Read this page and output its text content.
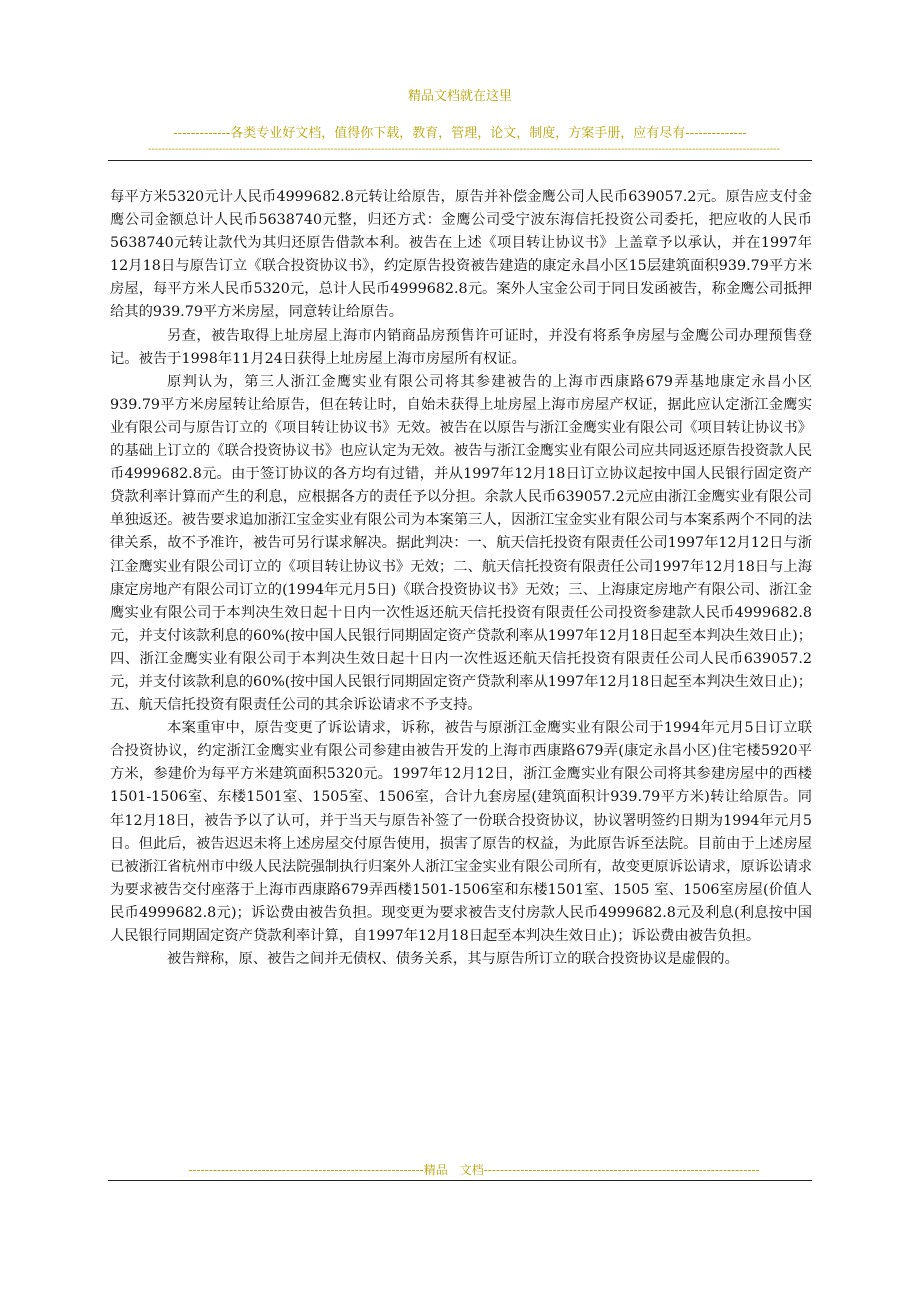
精品文档就在这里
-------------各类专业好文档，值得你下载，教育，管理，论文，制度，方案手册，应有尽有--------------
-------------------------------------------------------------------------------------------------------------------------------------------------------------------------------------------

每平方米5320元计人民币4999682.8元转让给原告，原告并补偿金鹰公司人民币639057.2元。原告应支付金鹰公司金额总计人民币5638740元整，归还方式：金鹰公司受宁波东海信托投资公司委托，把应收的人民币5638740元转让款代为其归还原告借款本利。被告在上述《项目转让协议书》上盖章予以承认，并在1997年12月18日与原告订立《联合投资协议书》，约定原告投资被告建造的康定永昌小区15层建筑面积939.79平方米房屋，每平方米人民币5320元，总计人民币4999682.8元。案外人宝金公司于同日发函被告，称金鹰公司抵押给其的939.79平方米房屋，同意转让给原告。

另查，被告取得上址房屋上海市内销商品房预售许可证时，并没有将系争房屋与金鹰公司办理预售登记。被告于1998年11月24日获得上址房屋上海市房屋所有权证。

原判认为，第三人浙江金鹰实业有限公司将其参建被告的上海市西康路679弄基地康定永昌小区939.79平方米房屋转让给原告，但在转让时，自始未获得上址房屋上海市房屋产权证，据此应认定浙江金鹰实业有限公司与原告订立的《项目转让协议书》无效。被告在以原告与浙江金鹰实业有限公司《项目转让协议书》的基础上订立的《联合投资协议书》也应认定为无效。被告与浙江金鹰实业有限公司应共同返还原告投资款人民币4999682.8元。由于签订协议的各方均有过错，并从1997年12月18日订立协议起按中国人民银行固定资产贷款利率计算而产生的利息，应根据各方的责任予以分担。余款人民币639057.2元应由浙江金鹰实业有限公司单独返还。被告要求追加浙江宝金实业有限公司为本案第三人，因浙江宝金实业有限公司与本案系两个不同的法律关系，故不予准许，被告可另行谋求解决。据此判决：一、航天信托投资有限责任公司1997年12月12日与浙江金鹰实业有限公司订立的《项目转让协议书》无效；二、航天信托投资有限责任公司1997年12月18日与上海康定房地产有限公司订立的(1994年元月5日)《联合投资协议书》无效；三、上海康定房地产有限公司、浙江金鹰实业有限公司于本判决生效日起十日内一次性返还航天信托投资有限责任公司投资参建款人民币4999682.8元，并支付该款利息的60%(按中国人民银行同期固定资产贷款利率从1997年12月18日起至本判决生效日止)；四、浙江金鹰实业有限公司于本判决生效日起十日内一次性返还航天信托投资有限责任公司人民币639057.2元，并支付该款利息的60%(按中国人民银行同期固定资产贷款利率从1997年12月18日起至本判决生效日止)；五、航天信托投资有限责任公司的其余诉讼请求不予支持。

本案重审中，原告变更了诉讼请求，诉称，被告与原浙江金鹰实业有限公司于1994年元月5日订立联合投资协议，约定浙江金鹰实业有限公司参建由被告开发的上海市西康路679弄(康定永昌小区)住宅楼5920平方米，参建价为每平方米建筑面积5320元。1997年12月12日，浙江金鹰实业有限公司将其参建房屋中的西楼1501-1506室、东楼1501室、1505室、1506室，合计九套房屋(建筑面积计939.79平方米)转让给原告。同年12月18日，被告予以了认可，并于当天与原告补签了一份联合投资协议，协议署明签约日期为1994年元月5日。但此后，被告迟迟未将上述房屋交付原告使用，损害了原告的权益，为此原告诉至法院。目前由于上述房屋已被浙江省杭州市中级人民法院强制执行归案外人浙江宝金实业有限公司所有，故变更原诉讼请求，原诉讼请求为要求被告交付座落于上海市西康路679弄西楼1501-1506室和东楼1501室、1505 室、1506室房屋(价值人民币4999682.8元)；诉讼费由被告负担。现变更为要求被告支付房款人民币4999682.8元及利息(利息按中国人民银行同期固定资产贷款利率计算，自1997年12月18日起至本判决生效日止)；诉讼费由被告负担。

被告辩称，原、被告之间并无债权、债务关系，其与原告所订立的联合投资协议是虚假的。

----------------------------------------------------------精品　文档--------------------------------------------------------------------
